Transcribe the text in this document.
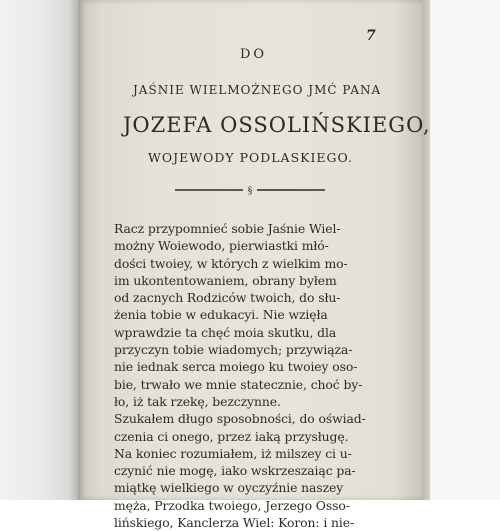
7
DO
JAŚNIE WIELMOŻNEGO JMĆ PANA
JOZEFA OSSOLIŃSKIEGO,
WOJEWODY PODLASKIEGO.
§
Racz przypomnieć sobie Jaśnie Wiel-
możny Woiewodo, pierwiastki młó-
dości twoiey, w których z wielkim mo-
im ukontentowaniem, obrany byłem
od zacnych Rodziców twoich, do słu-
żenia tobie w edukacyi. Nie wzięła
wprawdzie ta chęć moia skutku, dla
przyczyn tobie wiadomych; przywiąza-
nie iednak serca moiego ku twoiey oso-
bie, trwało we mnie statecznie, choć by-
ło, iż tak rzekę, bezczynne.
Szukałem długo sposobności, do oświad-
czenia ci onego, przez iaką przysługę.
Na koniec rozumiałem, iż milszey ci u-
czynić nie mogę, iako wskrzeszaiąc pa-
miątkę wielkiego w oyczyźnie naszey
męża, Przodka twoiego, Jerzego Osso-
lińskiego, Kanclerza Wiel: Koron: i nie-
